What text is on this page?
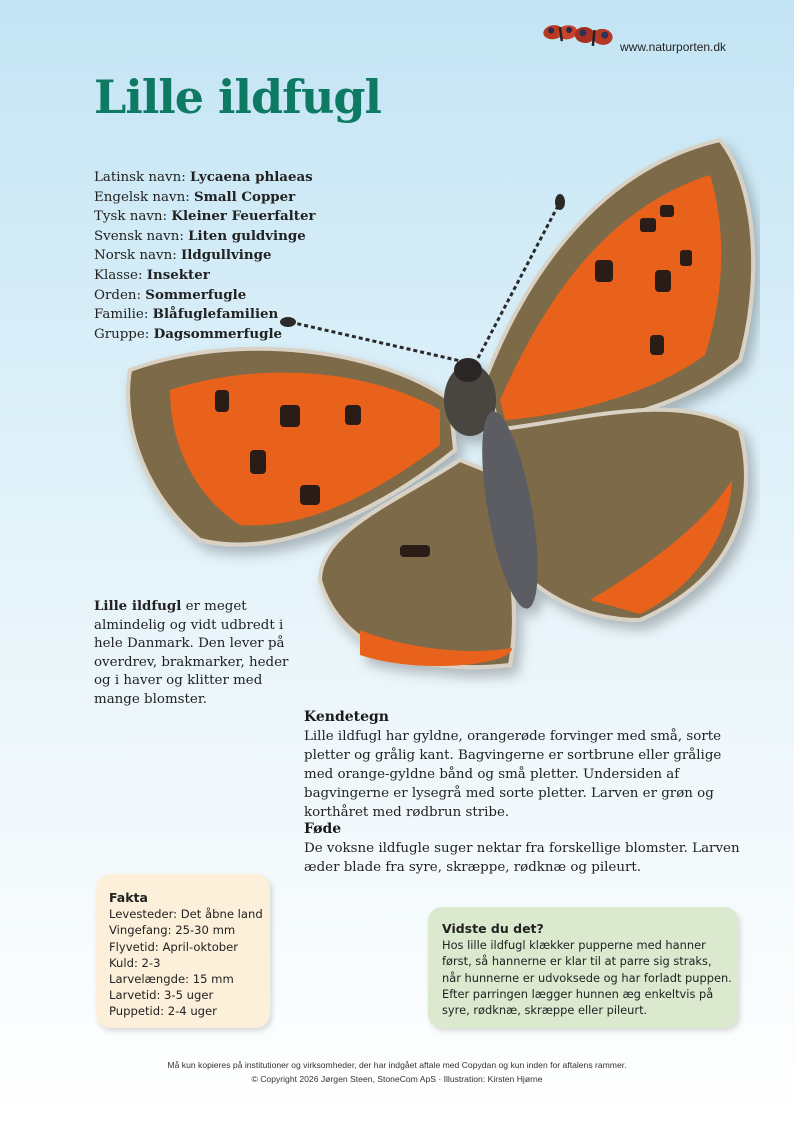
www.naturporten.dk
Lille ildfugl
Latinsk navn: Lycaena phlaeas
Engelsk navn: Small Copper
Tysk navn: Kleiner Feuerfalter
Svensk navn: Liten guldvinge
Norsk navn: Ildgullvinge
Klasse: Insekter
Orden: Sommerfugle
Familie: Blåfuglefamilien
Gruppe: Dagsommerfugle
Lille ildfugl er meget almindelig og vidt udbredt i hele Danmark. Den lever på overdrev, brakmarker, heder og i haver og klitter med mange blomster.
Kendetegn

Lille ildfugl har gyldne, orangerøde forvinger med små, sorte pletter og grålig kant. Bagvingerne er sortbrune eller grålige med orange-gyldne bånd og små pletter. Undersiden af bagvingerne er lysegrå med sorte pletter. Larven er grøn og korthåret med rødbrun stribe.

Føde

De voksne ildfugle suger nektar fra forskellige blomster. Larven æder blade fra syre, skræppe, rødknæ og pileurt.

Fakta
Levesteder: Det åbne land
Vingefang: 25-30 mm
Flyvetid: April-oktober
Kuld: 2-3
Larvelængde: 15 mm
Larvetid: 3-5 uger
Puppetid: 2-4 uger
Vidste du det?
Hos lille ildfugl klækker pupperne med hanner først, så hannerne er klar til at parre sig straks, når hunnerne er udvoksede og har forladt puppen. Efter parringen lægger hunnen æg enkeltvis på syre, rødknæ, skræppe eller pileurt.
Må kun kopieres på institutioner og virksomheder, der har indgået aftale med Copydan og kun inden for aftalens rammer.
© Copyright 2026 Jørgen Steen, StoneCom ApS · Illustration: Kirsten Hjørne
